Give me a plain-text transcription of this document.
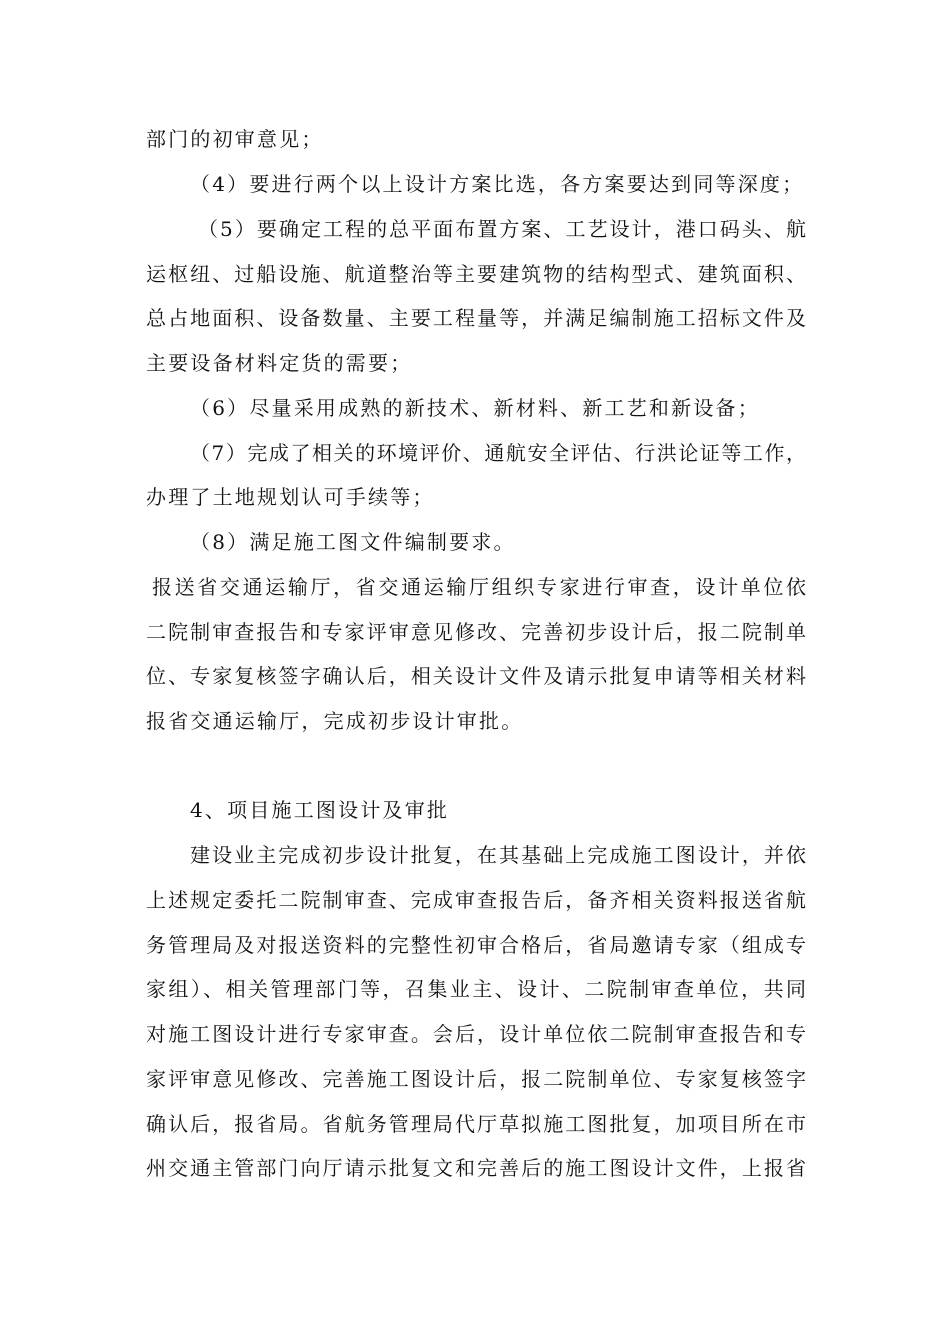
部门的初审意见；

（4）要进行两个以上设计方案比选，各方案要达到同等深度；

（5）要确定工程的总平面布置方案、工艺设计，港口码头、航

运枢纽、过船设施、航道整治等主要建筑物的结构型式、建筑面积、

总占地面积、设备数量、主要工程量等，并满足编制施工招标文件及

主要设备材料定货的需要；

（6）尽量采用成熟的新技术、新材料、新工艺和新设备；

（7）完成了相关的环境评价、通航安全评估、行洪论证等工作，

办理了土地规划认可手续等；

（8）满足施工图文件编制要求。

报送省交通运输厅，省交通运输厅组织专家进行审查，设计单位依

二院制审查报告和专家评审意见修改、完善初步设计后，报二院制单

位、专家复核签字确认后，相关设计文件及请示批复申请等相关材料

报省交通运输厅，完成初步设计审批。

4、项目施工图设计及审批

建设业主完成初步设计批复，在其基础上完成施工图设计，并依

上述规定委托二院制审查、完成审查报告后，备齐相关资料报送省航

务管理局及对报送资料的完整性初审合格后，省局邀请专家（组成专

家组）、相关管理部门等，召集业主、设计、二院制审查单位，共同

对施工图设计进行专家审查。会后，设计单位依二院制审查报告和专

家评审意见修改、完善施工图设计后，报二院制单位、专家复核签字

确认后，报省局。省航务管理局代厅草拟施工图批复，加项目所在市

州交通主管部门向厅请示批复文和完善后的施工图设计文件，上报省
